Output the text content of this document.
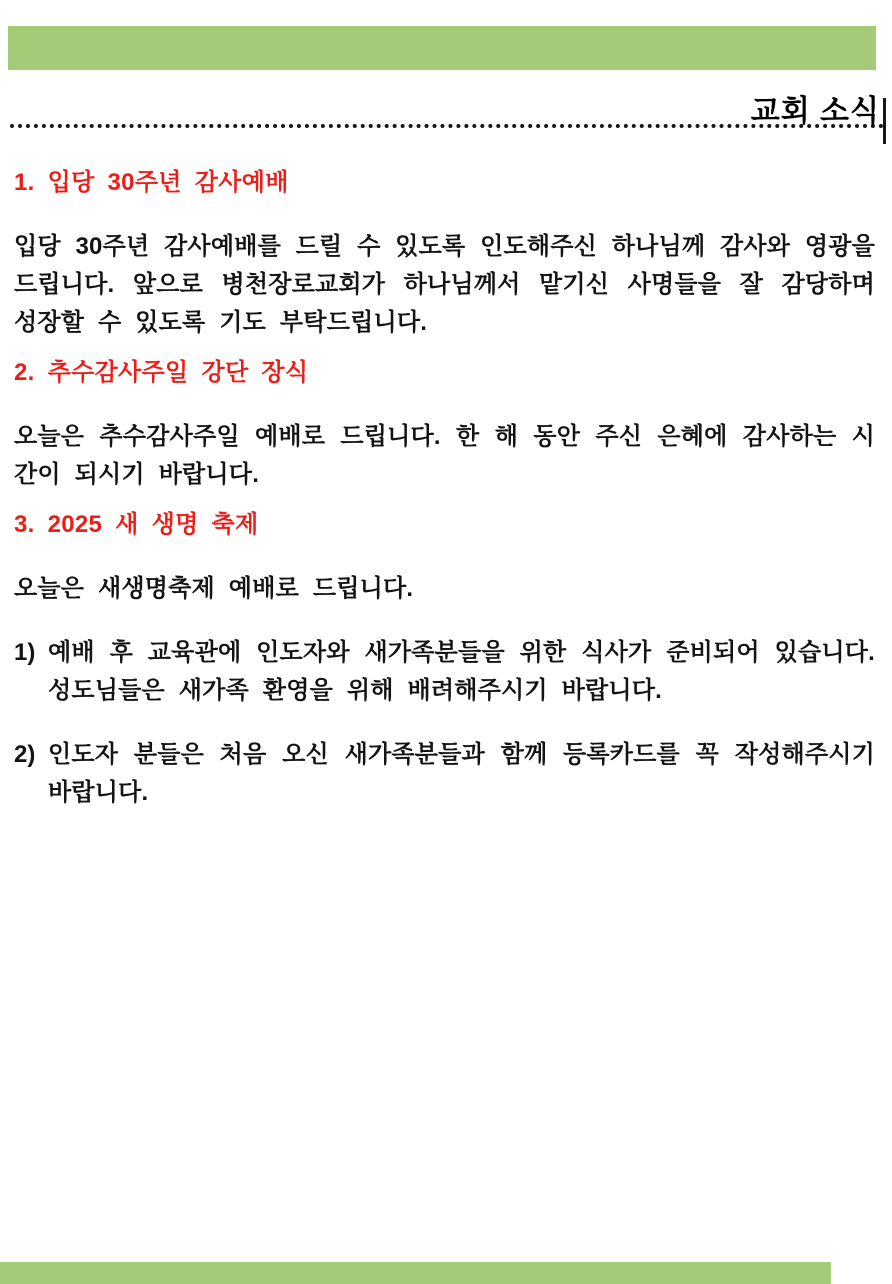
교회 소식
1. 입당 30주년 감사예배

입당 30주년 감사예배를 드릴 수 있도록 인도해주신 하나님께 감사와 영광을 드립니다. 앞으로 병천장로교회가 하나님께서 맡기신 사명들을 잘 감당하며 성장할 수 있도록 기도 부탁드립니다.

2. 추수감사주일 강단 장식

오늘은 추수감사주일 예배로 드립니다. 한 해 동안 주신 은혜에 감사하는 시간이 되시기 바랍니다.

3. 2025 새 생명 축제

오늘은 새생명축제 예배로 드립니다.

1) 예배 후 교육관에 인도자와 새가족분들을 위한 식사가 준비되어 있습니다. 성도님들은 새가족 환영을 위해 배려해주시기 바랍니다.

2) 인도자 분들은 처음 오신 새가족분들과 함께 등록카드를 꼭 작성해주시기 바랍니다.
